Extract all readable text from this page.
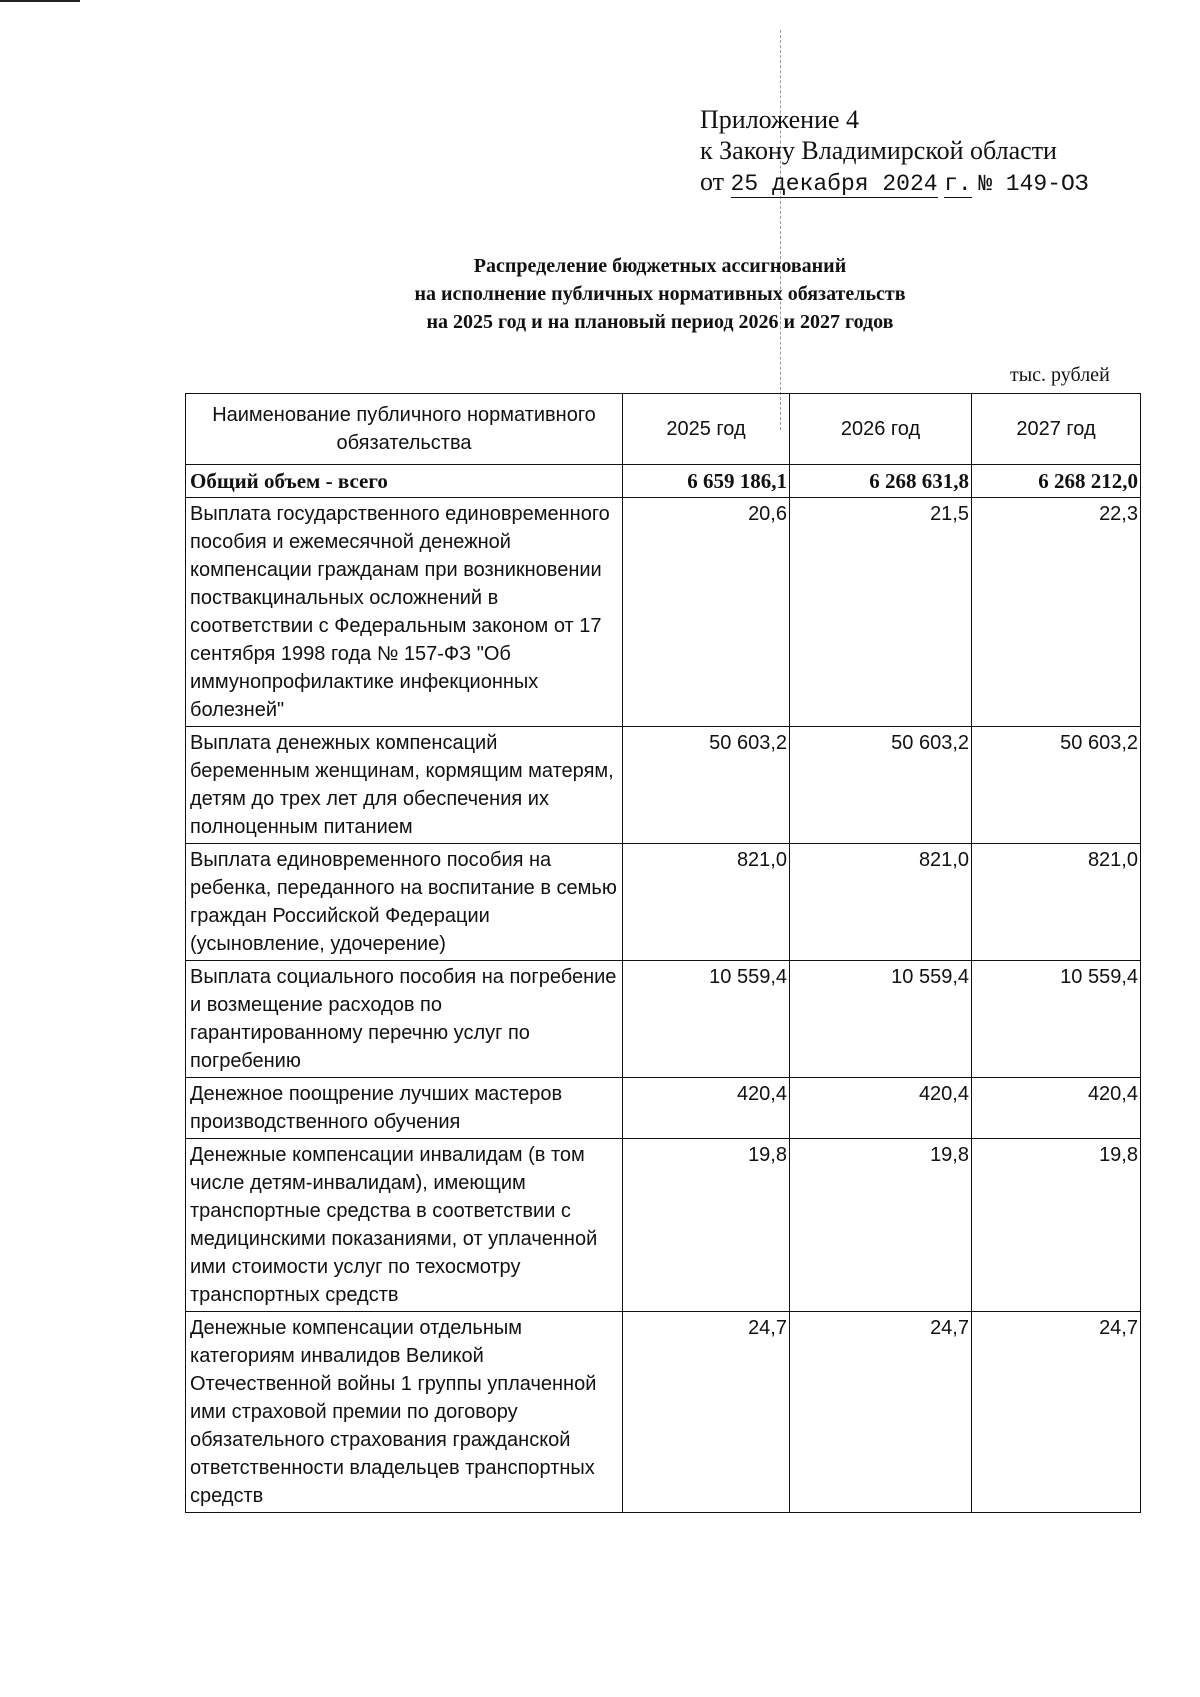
Приложение 4
к Закону Владимирской области
от 25 декабря 2024 г. № 149-ОЗ
Распределение бюджетных ассигнований
на исполнение публичных нормативных обязательств
на 2025 год и на плановый период 2026 и 2027 годов
тыс. рублей
Наименование публичного нормативного обязательства	2025 год	2026 год	2027 год
Общий объем - всего	6 659 186,1	6 268 631,8	6 268 212,0
Выплата государственного единовременного пособия и ежемесячной денежной компенсации гражданам при возникновении поствакцинальных осложнений в соответствии с Федеральным законом от 17 сентября 1998 года № 157-ФЗ "Об иммунопрофилактике инфекционных болезней"	20,6	21,5	22,3
Выплата денежных компенсаций беременным женщинам, кормящим матерям, детям до трех лет для обеспечения их полноценным питанием	50 603,2	50 603,2	50 603,2
Выплата единовременного пособия на ребенка, переданного на воспитание в семью граждан Российской Федерации (усыновление, удочерение)	821,0	821,0	821,0
Выплата социального пособия на погребение и возмещение расходов по гарантированному перечню услуг по погребению	10 559,4	10 559,4	10 559,4
Денежное поощрение лучших мастеров производственного обучения	420,4	420,4	420,4
Денежные компенсации инвалидам (в том числе детям-инвалидам), имеющим транспортные средства в соответствии с медицинскими показаниями, от уплаченной ими стоимости услуг по техосмотру транспортных средств	19,8	19,8	19,8
Денежные компенсации отдельным категориям инвалидов Великой Отечественной войны 1 группы уплаченной ими страховой премии по договору обязательного страхования гражданской ответственности владельцев транспортных средств	24,7	24,7	24,7
